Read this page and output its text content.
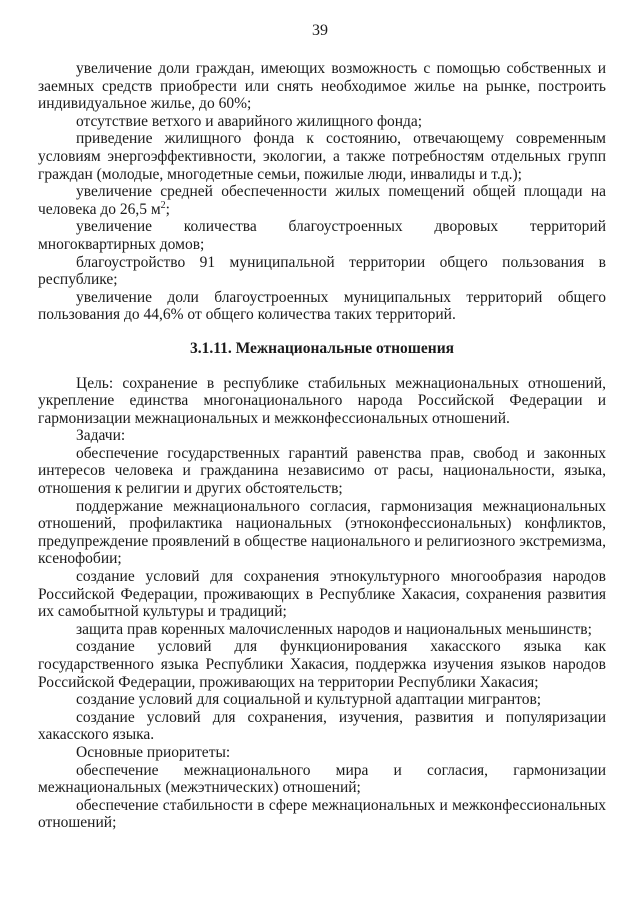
39

увеличение доли граждан, имеющих возможность с помощью собственных и заемных средств приобрести или снять необходимое жилье на рынке, построить индивидуальное жилье, до 60%;

отсутствие ветхого и аварийного жилищного фонда;

приведение жилищного фонда к состоянию, отвечающему современным условиям энергоэффективности, экологии, а также потребностям отдельных групп граждан (молодые, многодетные семьи, пожилые люди, инвалиды и т.д.);

увеличение средней обеспеченности жилых помещений общей площади на человека до 26,5 $м^2$;

увеличение количества благоустроенных дворовых территорий многоквартирных домов;

благоустройство 91 муниципальной территории общего пользования в республике;

увеличение доли благоустроенных муниципальных территорий общего пользования до 44,6% от общего количества таких территорий.

3.1.11. Межнациональные отношения

Цель: сохранение в республике стабильных межнациональных отношений, укрепление единства многонационального народа Российской Федерации и гармонизации межнациональных и межконфессиональных отношений.

Задачи:

обеспечение государственных гарантий равенства прав, свобод и законных интересов человека и гражданина независимо от расы, национальности, языка, отношения к религии и других обстоятельств;

поддержание межнационального согласия, гармонизация межнациональных отношений, профилактика национальных (этноконфессиональных) конфликтов, предупреждение проявлений в обществе национального и религиозного экстремизма, ксенофобии;

создание условий для сохранения этнокультурного многообразия народов Российской Федерации, проживающих в Республике Хакасия, сохранения развития их самобытной культуры и традиций;

защита прав коренных малочисленных народов и национальных меньшинств;

создание условий для функционирования хакасского языка как государственного языка Республики Хакасия, поддержка изучения языков народов Российской Федерации, проживающих на территории Республики Хакасия;

создание условий для социальной и культурной адаптации мигрантов;

создание условий для сохранения, изучения, развития и популяризации хакасского языка.

Основные приоритеты:

обеспечение межнационального мира и согласия, гармонизации межнациональных (межэтнических) отношений;

обеспечение стабильности в сфере межнациональных и межконфессиональных отношений;
